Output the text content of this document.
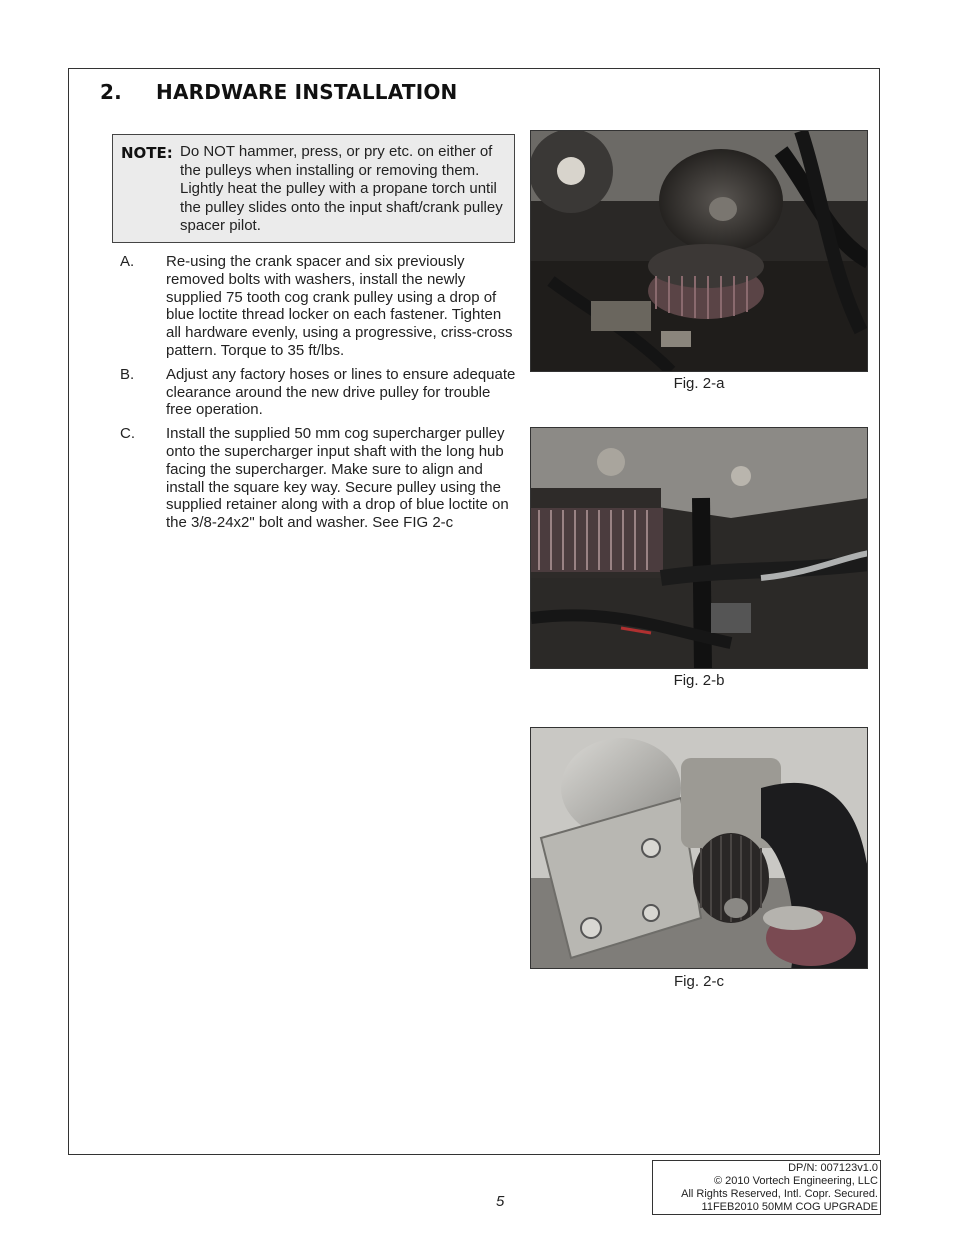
2. HARDWARE INSTALLATION
NOTE: Do NOT hammer, press, or pry etc. on either of the pulleys when installing or removing them. Lightly heat the pulley with a propane torch until the pulley slides onto the input shaft/crank pulley spacer pilot.
A. Re-using the crank spacer and six previously removed bolts with washers, install the newly supplied 75 tooth cog crank pulley using a drop of blue loctite thread locker on each fastener. Tighten all hardware evenly, using a progressive, criss-cross pattern. Torque to 35 ft/lbs.
B. Adjust any factory hoses or lines to ensure adequate clearance around the new drive pulley for trouble free operation.
C. Install the supplied 50 mm cog supercharger pulley onto the supercharger input shaft with the long hub facing the supercharger. Make sure to align and install the square key way. Secure pulley using the supplied retainer along with a drop of blue loctite on the 3/8-24x2" bolt and washer. See FIG 2-c
Fig. 2-a
Fig. 2-b
Fig. 2-c
5
DP/N: 007123v1.0
© 2010 Vortech Engineering, LLC
All Rights Reserved, Intl. Copr. Secured.
11FEB2010 50MM COG UPGRADE
